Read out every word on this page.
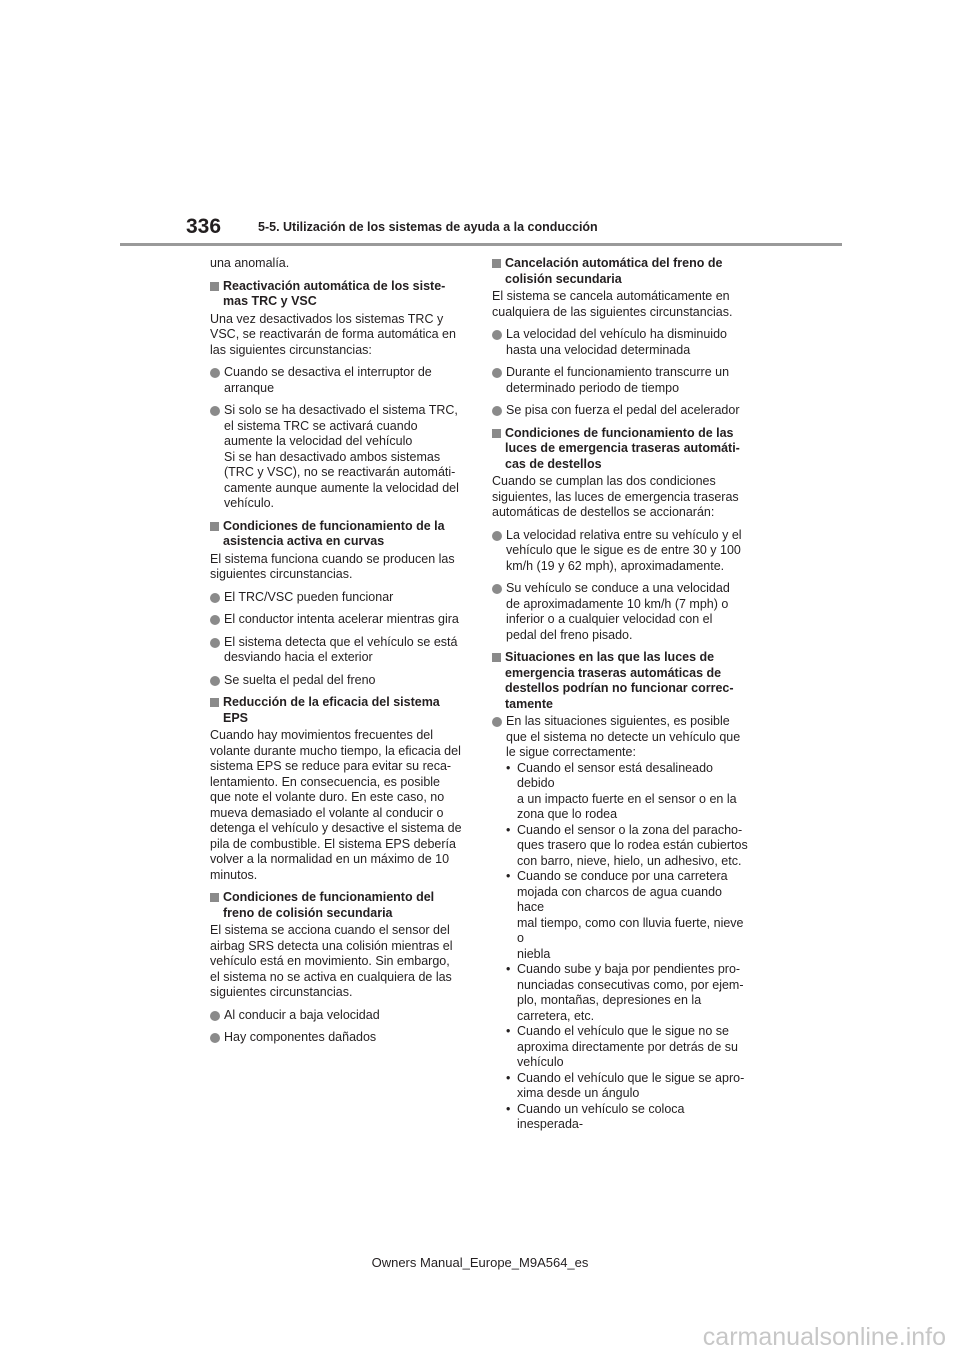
336	5-5. Utilización de los sistemas de ayuda a la conducción
una anomalía.
Reactivación automática de los siste-
mas TRC y VSC
Una vez desactivados los sistemas TRC y
VSC, se reactivarán de forma automática en
las siguientes circunstancias:
Cuando se desactiva el interruptor de
arranque
Si solo se ha desactivado el sistema TRC,
el sistema TRC se activará cuando
aumente la velocidad del vehículo
Si se han desactivado ambos sistemas
(TRC y VSC), no se reactivarán automáti-
camente aunque aumente la velocidad del
vehículo.
Condiciones de funcionamiento de la
asistencia activa en curvas
El sistema funciona cuando se producen las
siguientes circunstancias.
El TRC/VSC pueden funcionar
El conductor intenta acelerar mientras gira
El sistema detecta que el vehículo se está
desviando hacia el exterior
Se suelta el pedal del freno
Reducción de la eficacia del sistema
EPS
Cuando hay movimientos frecuentes del
volante durante mucho tiempo, la eficacia del
sistema EPS se reduce para evitar su reca-
lentamiento. En consecuencia, es posible
que note el volante duro. En este caso, no
mueva demasiado el volante al conducir o
detenga el vehículo y desactive el sistema de
pila de combustible. El sistema EPS debería
volver a la normalidad en un máximo de 10
minutos.
Condiciones de funcionamiento del
freno de colisión secundaria
El sistema se acciona cuando el sensor del
airbag SRS detecta una colisión mientras el
vehículo está en movimiento. Sin embargo,
el sistema no se activa en cualquiera de las
siguientes circunstancias.
Al conducir a baja velocidad
Hay componentes dañados
Cancelación automática del freno de
colisión secundaria
El sistema se cancela automáticamente en
cualquiera de las siguientes circunstancias.
La velocidad del vehículo ha disminuido
hasta una velocidad determinada
Durante el funcionamiento transcurre un
determinado periodo de tiempo
Se pisa con fuerza el pedal del acelerador
Condiciones de funcionamiento de las
luces de emergencia traseras automáti-
cas de destellos
Cuando se cumplan las dos condiciones
siguientes, las luces de emergencia traseras
automáticas de destellos se accionarán:
La velocidad relativa entre su vehículo y el
vehículo que le sigue es de entre 30 y 100
km/h (19 y 62 mph), aproximadamente.
Su vehículo se conduce a una velocidad
de aproximadamente 10 km/h (7 mph) o
inferior o a cualquier velocidad con el
pedal del freno pisado.
Situaciones en las que las luces de
emergencia traseras automáticas de
destellos podrían no funcionar correc-
tamente
En las situaciones siguientes, es posible
que el sistema no detecte un vehículo que
le sigue correctamente:
• Cuando el sensor está desalineado debido
a un impacto fuerte en el sensor o en la
zona que lo rodea
• Cuando el sensor o la zona del paracho-
ques trasero que lo rodea están cubiertos
con barro, nieve, hielo, un adhesivo, etc.
• Cuando se conduce por una carretera
mojada con charcos de agua cuando hace
mal tiempo, como con lluvia fuerte, nieve o
niebla
• Cuando sube y baja por pendientes pro-
nunciadas consecutivas como, por ejem-
plo, montañas, depresiones en la
carretera, etc.
• Cuando el vehículo que le sigue no se
aproxima directamente por detrás de su
vehículo
• Cuando el vehículo que le sigue se apro-
xima desde un ángulo
• Cuando un vehículo se coloca inesperada-
Owners Manual_Europe_M9A564_es
carmanualsonline.info
